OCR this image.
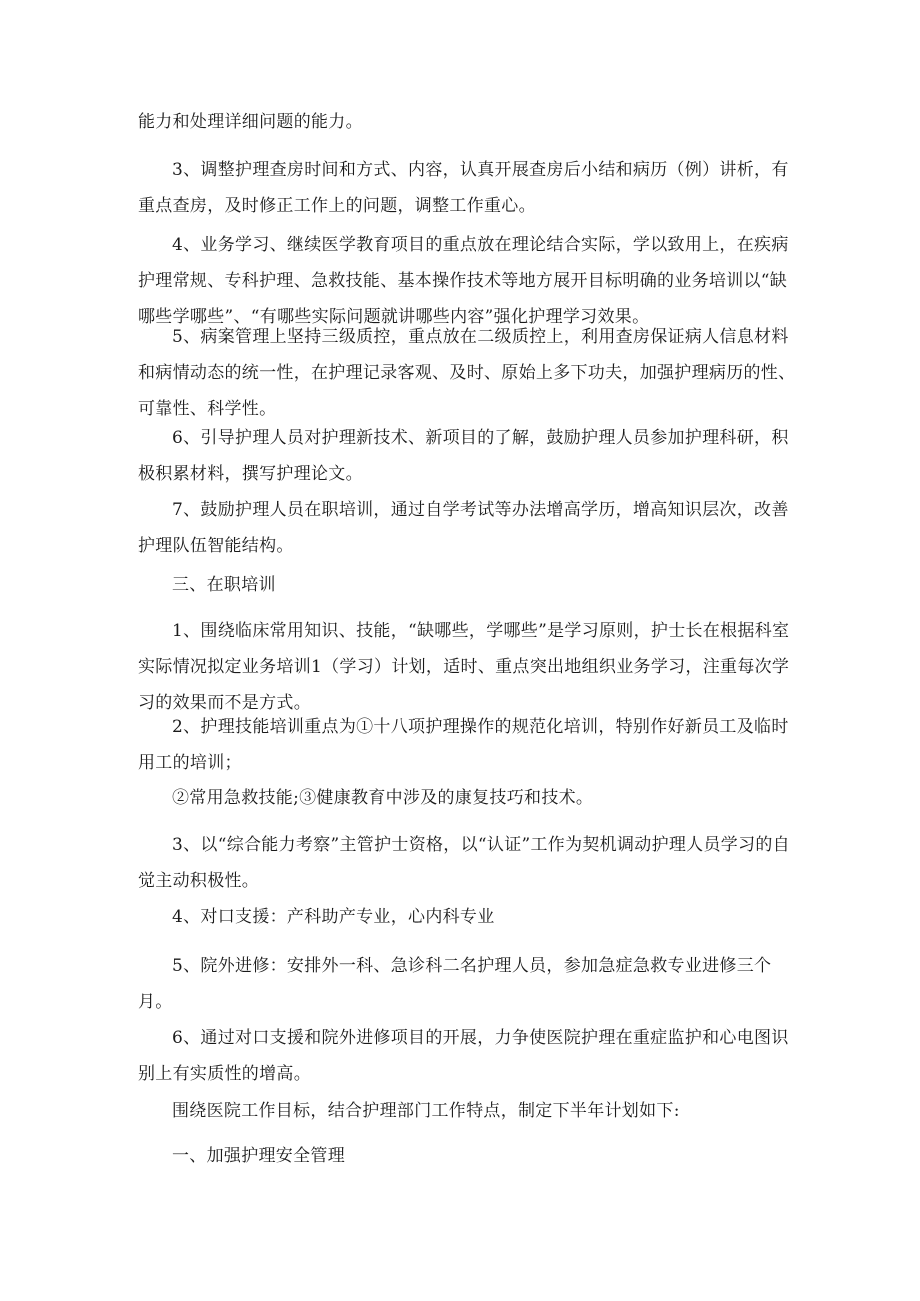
能力和处理详细问题的能力。

3、调整护理查房时间和方式、内容，认真开展查房后小结和病历（例）讲析，有重点查房，及时修正工作上的问题，调整工作重心。

4、业务学习、继续医学教育项目的重点放在理论结合实际，学以致用上，在疾病护理常规、专科护理、急救技能、基本操作技术等地方展开目标明确的业务培训以“缺哪些学哪些”、“有哪些实际问题就讲哪些内容”强化护理学习效果。

5、病案管理上坚持三级质控，重点放在二级质控上，利用查房保证病人信息材料和病情动态的统一性，在护理记录客观、及时、原始上多下功夫，加强护理病历的性、可靠性、科学性。

6、引导护理人员对护理新技术、新项目的了解，鼓励护理人员参加护理科研，积极积累材料，撰写护理论文。

7、鼓励护理人员在职培训，通过自学考试等办法增高学历，增高知识层次，改善护理队伍智能结构。

三、在职培训

1、围绕临床常用知识、技能，“缺哪些，学哪些”是学习原则，护士长在根据科室实际情况拟定业务培训1（学习）计划，适时、重点突出地组织业务学习，注重每次学习的效果而不是方式。

2、护理技能培训重点为①十八项护理操作的规范化培训，特别作好新员工及临时用工的培训；

②常用急救技能;③健康教育中涉及的康复技巧和技术。

3、以“综合能力考察”主管护士资格，以“认证”工作为契机调动护理人员学习的自觉主动积极性。

4、对口支援：产科助产专业，心内科专业

5、院外进修：安排外一科、急诊科二名护理人员，参加急症急救专业进修三个月。

6、通过对口支援和院外进修项目的开展，力争使医院护理在重症监护和心电图识别上有实质性的增高。

围绕医院工作目标，结合护理部门工作特点，制定下半年计划如下:

一、加强护理安全管理
